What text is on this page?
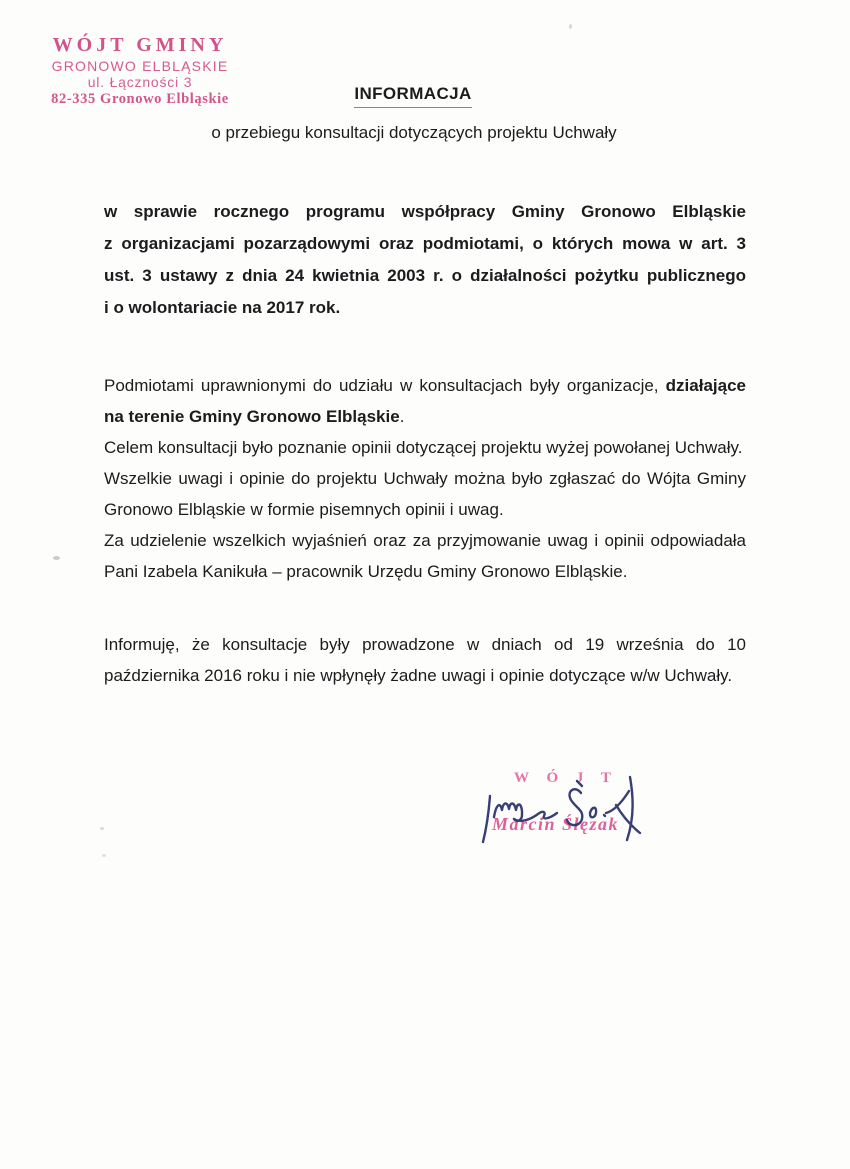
WÓJT GMINY
GRONOWO ELBLĄSKIE
ul. Łączności 3
82-335 Gronowo Elbląskie	INFORMACJA
o przebiegu konsultacji dotyczących projektu Uchwały
w sprawie rocznego programu współpracy Gminy Gronowo Elbląskie
z organizacjami pozarządowymi oraz podmiotami, o których mowa w art. 3
ust. 3 ustawy z dnia 24 kwietnia 2003 r. o działalności pożytku publicznego
i o wolontariacie na 2017 rok.
Podmiotami uprawnionymi do udziału w konsultacjach były organizacje, działające
na terenie Gminy Gronowo Elbląskie.
Celem konsultacji było poznanie opinii dotyczącej projektu wyżej powołanej Uchwały.
Wszelkie uwagi i opinie do projektu Uchwały można było zgłaszać do Wójta Gminy
Gronowo Elbląskie w formie pisemnych opinii i uwag.
Za udzielenie wszelkich wyjaśnień oraz za przyjmowanie uwag i opinii odpowiadała
Pani Izabela Kanikuła – pracownik Urzędu Gminy Gronowo Elbląskie.
Informuję, że konsultacje były prowadzone w dniach od 19 września do 10
października 2016 roku i nie wpłynęły żadne uwagi i opinie dotyczące w/w Uchwały.
W Ó J T
Marcin Ślęzak
